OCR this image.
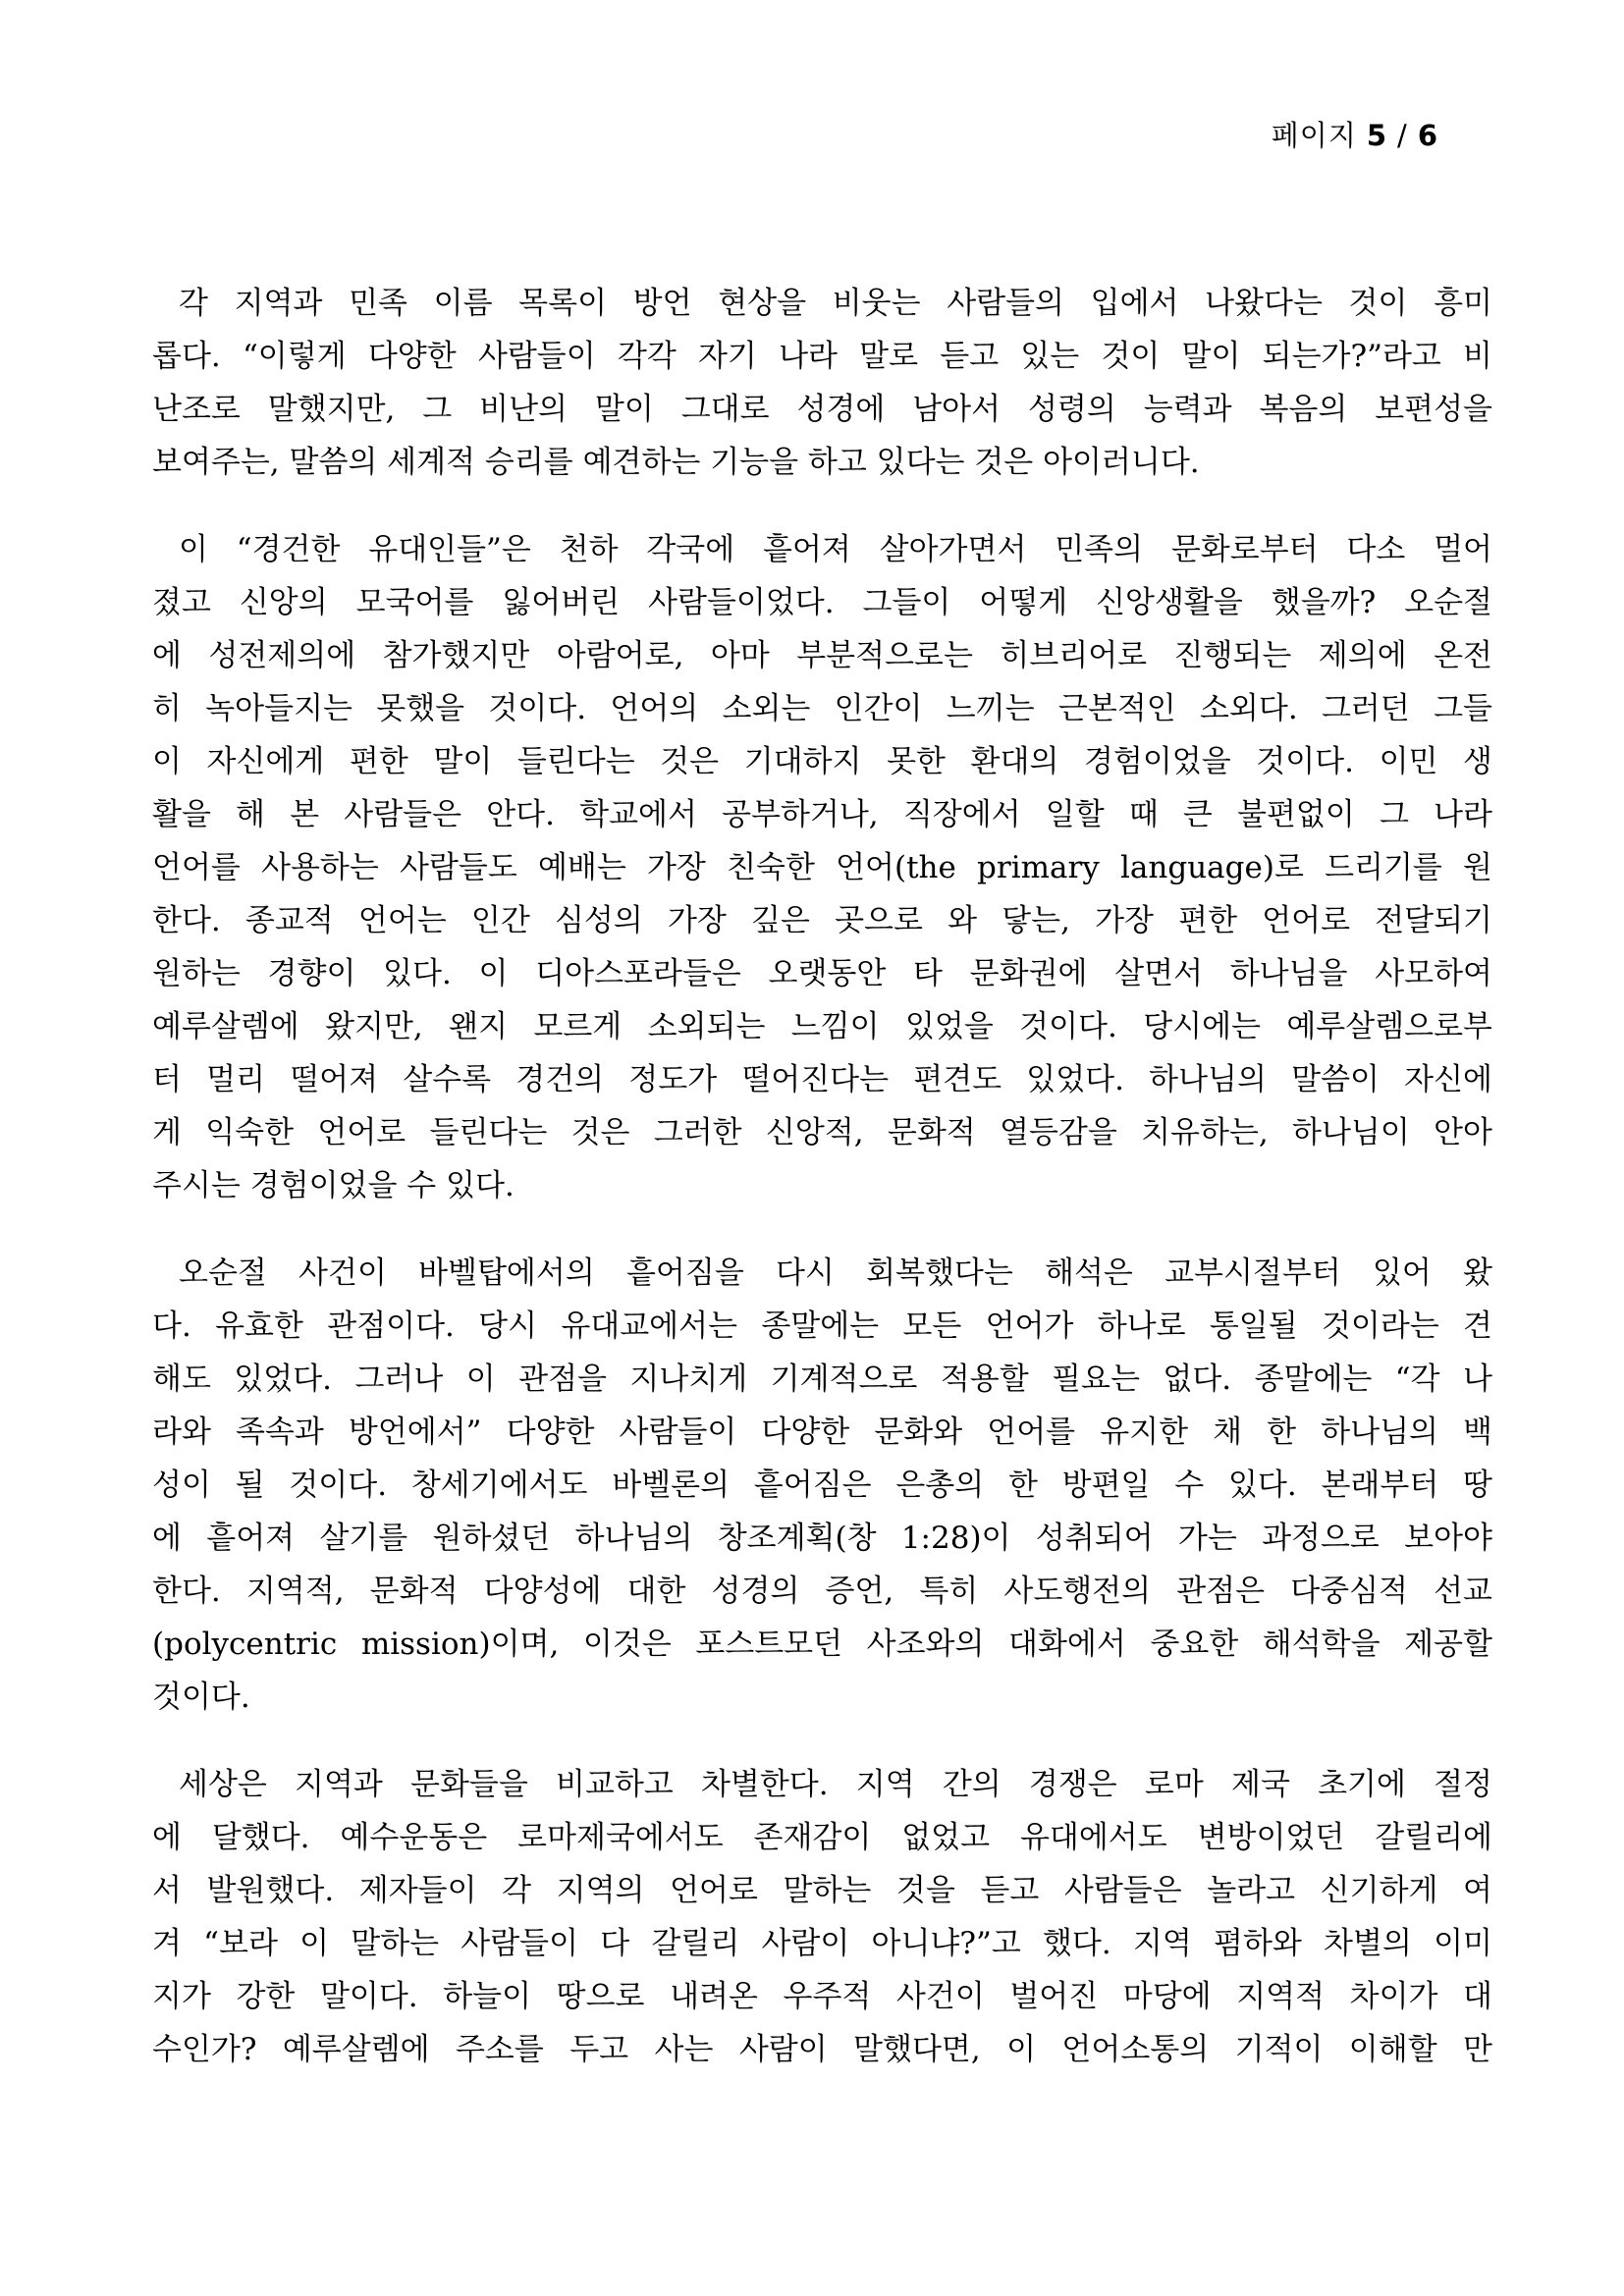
페이지 5 / 6
각 지역과 민족 이름 목록이 방언 현상을 비웃는 사람들의 입에서 나왔다는 것이 흥미
롭다. “이렇게 다양한 사람들이 각각 자기 나라 말로 듣고 있는 것이 말이 되는가?”라고 비
난조로 말했지만, 그 비난의 말이 그대로 성경에 남아서 성령의 능력과 복음의 보편성을
보여주는, 말씀의 세계적 승리를 예견하는 기능을 하고 있다는 것은 아이러니다.
이 “경건한 유대인들”은 천하 각국에 흩어져 살아가면서 민족의 문화로부터 다소 멀어
졌고 신앙의 모국어를 잃어버린 사람들이었다. 그들이 어떻게 신앙생활을 했을까? 오순절
에 성전제의에 참가했지만 아람어로, 아마 부분적으로는 히브리어로 진행되는 제의에 온전
히 녹아들지는 못했을 것이다. 언어의 소외는 인간이 느끼는 근본적인 소외다. 그러던 그들
이 자신에게 편한 말이 들린다는 것은 기대하지 못한 환대의 경험이었을 것이다. 이민 생
활을 해 본 사람들은 안다. 학교에서 공부하거나, 직장에서 일할 때 큰 불편없이 그 나라
언어를 사용하는 사람들도 예배는 가장 친숙한 언어(the primary language)로 드리기를 원
한다. 종교적 언어는 인간 심성의 가장 깊은 곳으로 와 닿는, 가장 편한 언어로 전달되기
원하는 경향이 있다. 이 디아스포라들은 오랫동안 타 문화권에 살면서 하나님을 사모하여
예루살렘에 왔지만, 왠지 모르게 소외되는 느낌이 있었을 것이다. 당시에는 예루살렘으로부
터 멀리 떨어져 살수록 경건의 정도가 떨어진다는 편견도 있었다. 하나님의 말씀이 자신에
게 익숙한 언어로 들린다는 것은 그러한 신앙적, 문화적 열등감을 치유하는, 하나님이 안아
주시는 경험이었을 수 있다.
오순절 사건이 바벨탑에서의 흩어짐을 다시 회복했다는 해석은 교부시절부터 있어 왔
다. 유효한 관점이다. 당시 유대교에서는 종말에는 모든 언어가 하나로 통일될 것이라는 견
해도 있었다. 그러나 이 관점을 지나치게 기계적으로 적용할 필요는 없다. 종말에는 “각 나
라와 족속과 방언에서” 다양한 사람들이 다양한 문화와 언어를 유지한 채 한 하나님의 백
성이 될 것이다. 창세기에서도 바벨론의 흩어짐은 은총의 한 방편일 수 있다. 본래부터 땅
에 흩어져 살기를 원하셨던 하나님의 창조계획(창 1:28)이 성취되어 가는 과정으로 보아야
한다. 지역적, 문화적 다양성에 대한 성경의 증언, 특히 사도행전의 관점은 다중심적 선교
(polycentric mission)이며, 이것은 포스트모던 사조와의 대화에서 중요한 해석학을 제공할
것이다.
세상은 지역과 문화들을 비교하고 차별한다. 지역 간의 경쟁은 로마 제국 초기에 절정
에 달했다. 예수운동은 로마제국에서도 존재감이 없었고 유대에서도 변방이었던 갈릴리에
서 발원했다. 제자들이 각 지역의 언어로 말하는 것을 듣고 사람들은 놀라고 신기하게 여
겨 “보라 이 말하는 사람들이 다 갈릴리 사람이 아니냐?”고 했다. 지역 폄하와 차별의 이미
지가 강한 말이다. 하늘이 땅으로 내려온 우주적 사건이 벌어진 마당에 지역적 차이가 대
수인가? 예루살렘에 주소를 두고 사는 사람이 말했다면, 이 언어소통의 기적이 이해할 만
